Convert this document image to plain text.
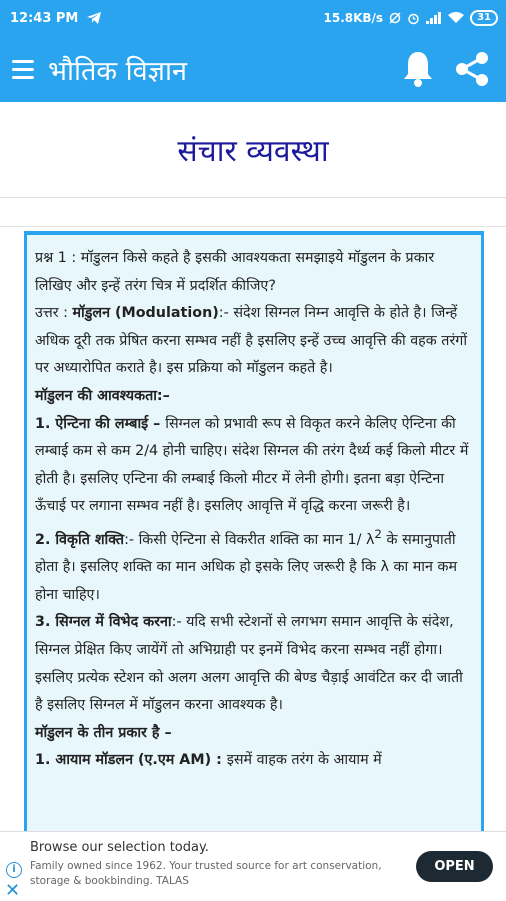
12:43 PM	15.8KB/s	31
भौतिक विज्ञान
संचार व्यवस्था

प्रश्न 1 : मॉडुलन किसे कहते है इसकी आवश्यकता समझाइये मॉडुलन के प्रकार लिखिए और इन्हें तरंग चित्र में प्रदर्शित कीजिए?

उत्तर : मॉडुलन (Modulation):- संदेश सिग्नल निम्न आवृत्ति के होते है। जिन्हें अधिक दूरी तक प्रेषित करना सम्भव नहीं है इसलिए इन्हें उच्च आवृत्ति की वहक तरंगों पर अध्यारोपित कराते है। इस प्रक्रिया को मॉडुलन कहते है।

मॉडुलन की आवश्यकता:–

1. ऐन्टिना की लम्बाई – सिग्नल को प्रभावी रूप से विकृत करने केलिए ऐन्टिना की लम्बाई कम से कम 2/4 होनी चाहिए। संदेश सिग्नल की तरंग दैर्ध्य कई किलो मीटर में होती है। इसलिए एन्टिना की लम्बाई किलो मीटर में लेनी होगी। इतना बड़ा ऐन्टिना ऊँचाई पर लगाना सम्भव नहीं है। इसलिए आवृत्ति में वृद्धि करना जरूरी है।

2. विकृति शक्ति:- किसी ऐन्टिना से विकरीत शक्ति का मान 1/ $\lambda^2$ के समानुपाती होता है। इसलिए शक्ति का मान अधिक हो इसके लिए जरूरी है कि λ का मान कम होना चाहिए।

3. सिग्नल में विभेद करना:- यदि सभी स्टेशनों से लगभग समान आवृत्ति के संदेश, सिग्नल प्रेक्षित किए जायेंगें तो अभिग्राही पर इनमें विभेद करना सम्भव नहीं होगा। इसलिए प्रत्येक स्टेशन को अलग अलग आवृत्ति की बेण्ड चैड़ाई आवंटित कर दी जाती है इसलिए सिग्नल में मॉडुलन करना आवश्यक है।

मॉडुलन के तीन प्रकार है –

1. आयाम मॉडलन (ए.एम AM) : इसमें वाहक तरंग के आयाम में

i
✕
Browse our selection today.
Family owned since 1962. Your trusted source for art conservation, storage & bookbinding. TALAS
OPEN
